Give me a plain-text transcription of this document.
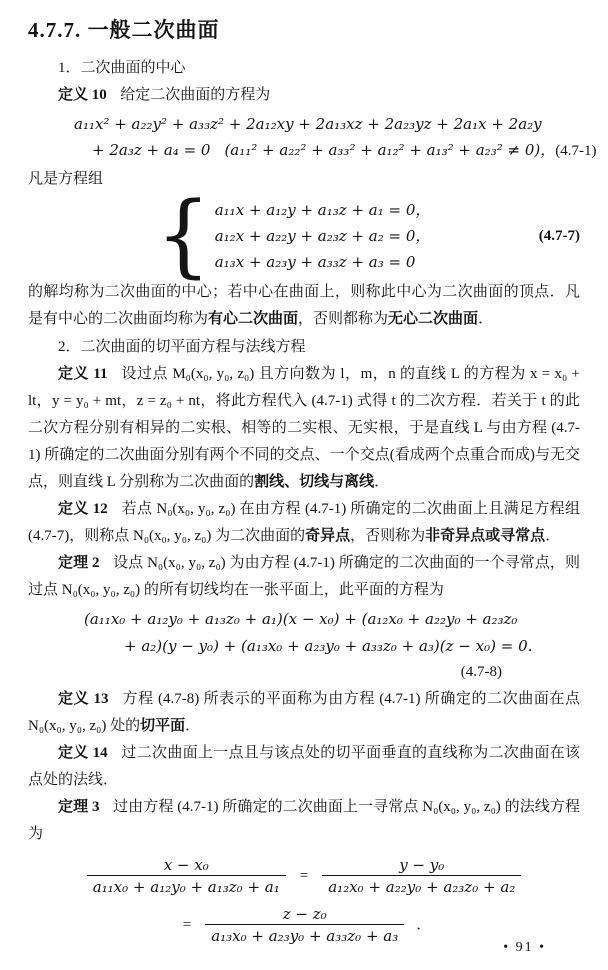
4.7.7. 一般二次曲面

1．二次曲面的中心

定义 10 给定二次曲面的方程为

a₁₁x² + a₂₂y² + a₃₃z² + 2a₁₂xy + 2a₁₃xz + 2a₂₃yz + 2a₁x + 2a₂y
+ 2a₃z + a₄ = 0 (a₁₁² + a₂₂² + a₃₃² + a₁₂² + a₁₃² + a₂₃² ≠ 0)， (4.7-1)

凡是方程组

{ a₁₁x + a₁₂y + a₁₃z + a₁ = 0，
a₁₂x + a₂₂y + a₂₃z + a₂ = 0，
a₁₃x + a₂₃y + a₃₃z + a₃ = 0
(4.7-7)

的解均称为二次曲面的中心；若中心在曲面上，则称此中心为二次曲面的顶点．凡是有中心的二次曲面均称为有心二次曲面，否则都称为无心二次曲面．

2．二次曲面的切平面方程与法线方程

定义 11 设过点 M₀(x₀, y₀, z₀) 且方向数为 l，m，n 的直线 L 的方程为 x = x₀ + lt，y = y₀ + mt，z = z₀ + nt，将此方程代入 (4.7-1) 式得 t 的二次方程．若关于 t 的此二次方程分别有相异的二实根、相等的二实根、无实根，于是直线 L 与由方程 (4.7-1) 所确定的二次曲面分别有两个不同的交点、一个交点(看成两个点重合而成)与无交点，则直线 L 分别称为二次曲面的割线、切线与离线．

定义 12 若点 N₀(x₀, y₀, z₀) 在由方程 (4.7-1) 所确定的二次曲面上且满足方程组 (4.7-7)，则称点 N₀(x₀, y₀, z₀) 为二次曲面的奇异点，否则称为非奇异点或寻常点．

定理 2 设点 N₀(x₀, y₀, z₀) 为由方程 (4.7-1) 所确定的二次曲面的一个寻常点，则过点 N₀(x₀, y₀, z₀) 的所有切线均在一张平面上，此平面的方程为

(a₁₁x₀ + a₁₂y₀ + a₁₃z₀ + a₁)(x − x₀) + (a₁₂x₀ + a₂₂y₀ + a₂₃z₀
+ a₂)(y − y₀) + (a₁₃x₀ + a₂₃y₀ + a₃₃z₀ + a₃)(z − x₀) = 0．
(4.7-8)

定义 13 方程 (4.7-8) 所表示的平面称为由方程 (4.7-1) 所确定的二次曲面在点 N₀(x₀, y₀, z₀) 处的切平面．

定义 14 过二次曲面上一点且与该点处的切平面垂直的直线称为二次曲面在该点处的法线．

定理 3 过由方程 (4.7-1) 所确定的二次曲面上一寻常点 N₀(x₀, y₀, z₀) 的法线方程为

$\frac{\text{x − x₀}}{\text{a₁₁x₀ + a₁₂y₀ + a₁₃z₀ + a₁}} = \frac{\text{y − y₀}}{\text{a₁₂x₀ + a₂₂y₀ + a₂₃z₀ + a₂}}$
= $\frac{\text{z − z₀}}{\text{a₁₃x₀ + a₂₃y₀ + a₃₃z₀ + a₃}}$ ．
• 91 •
